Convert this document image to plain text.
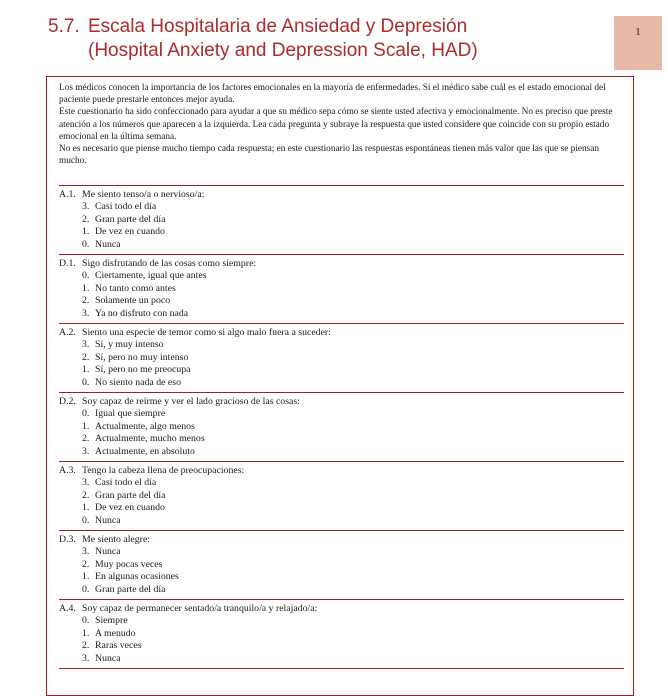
5.7. Escala Hospitalaria de Ansiedad y Depresión
(Hospital Anxiety and Depression Scale, HAD)
1

Los médicos conocen la importancia de los factores emocionales en la mayoría de enfermedades. Si el médico sabe cuál es el estado emocional del paciente puede prestarle entonces mejor ayuda.

Este cuestionario ha sido confeccionado para ayudar a que su médico sepa cómo se siente usted afectiva y emocionalmente. No es preciso que preste atención a los números que aparecen a la izquierda. Lea cada pregunta y subraye la respuesta que usted considere que coincide con su propio estado emocional en la última semana.

No es necesario que piense mucho tiempo cada respuesta; en este cuestionario las respuestas espontáneas tienen más valor que las que se piensan mucho.

A.1. Me siento tenso/a o nervioso/a:
3. Casi todo el día
2. Gran parte del día
1. De vez en cuando
0. Nunca
D.1. Sigo disfrutando de las cosas como siempre:
0. Ciertamente, igual que antes
1. No tanto como antes
2. Solamente un poco
3. Ya no disfruto con nada
A.2. Siento una especie de temor como si algo malo fuera a suceder:
3. Sí, y muy intenso
2. Sí, pero no muy intenso
1. Sí, pero no me preocupa
0. No siento nada de eso
D.2. Soy capaz de reírme y ver el lado gracioso de las cosas:
0. Igual que siempre
1. Actualmente, algo menos
2. Actualmente, mucho menos
3. Actualmente, en absoluto
A.3. Tengo la cabeza llena de preocupaciones:
3. Casi todo el día
2. Gran parte del día
1. De vez en cuando
0. Nunca
D.3. Me siento alegre:
3. Nunca
2. Muy pocas veces
1. En algunas ocasiones
0. Gran parte del día
A.4. Soy capaz de permanecer sentado/a tranquilo/a y relajado/a:
0. Siempre
1. A menudo
2. Raras veces
3. Nunca
